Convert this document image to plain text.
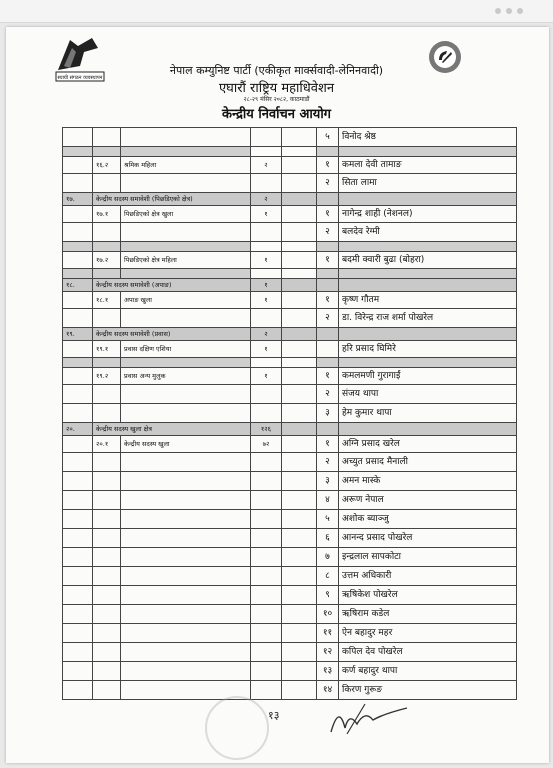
स्थायी संगठन व्यवस्थापन
नेपाल कम्युनिष्ट पार्टी (एकीकृत मार्क्सवादी-लेनिनवादी)
एघारौं राष्ट्रिय महाधिवेशन
२८-२९ मंसिर २०८२, काठमाडौं
केन्द्रीय निर्वाचन आयोग
					५	विनोद श्रेष्ठ

	१६.२	श्रमिक महिला	२		१	कमला देवी तामाङ
					२	सिता लामा
१७.	केन्द्रीय सदस्य समावेशी (पिछडिएको क्षेत्र)		२			
	१७.१	पिछडिएको क्षेत्र खुला	१		१	नागेन्द्र शाही (नेशनल)
					२	बलदेव रेग्मी

	१७.२	पिछडिएको क्षेत्र महिला	१		१	बदमी क्वारी बुढा (बोहरा)

१८.	केन्द्रीय सदस्य समावेशी (अपाङ)		१			
	१८.१	अपाङ खुला	१		१	कृष्ण गौतम
					२	डा. विरेन्द्र राज शर्मा पोखरेल
१९.	केन्द्रीय सदस्य समावेशी (प्रवास)		२			
	१९.१	प्रवास दक्षिण एशिया	१			हरि प्रसाद घिमिरे

	१९.२	प्रवास अन्य मुलुक	१		१	कमलमणी गुरागाईं
					२	संजय थापा
					३	हेम कुमार थापा
२०.	केन्द्रीय सदस्य खुला क्षेत्र		१२६			
	२०.१	केन्द्रीय सदस्य खुला	७२		१	अग्नि प्रसाद खरेल
					२	अच्युत प्रसाद मैनाली
					३	अमन मास्के
					४	अरूण नेपाल
					५	अशोक ब्याञ्जु
					६	आनन्द प्रसाद पोखरेल
					७	इन्द्रलाल सापकोटा
					८	उत्तम अधिकारी
					९	ऋषिकेश पोखरेल
					१०	ऋषिराम कडेल
					११	ऐन बहादुर महर
					१२	कपिल देव पोखरेल
					१३	कर्ण बहादुर थापा
					१४	किरण गुरूङ
१३
